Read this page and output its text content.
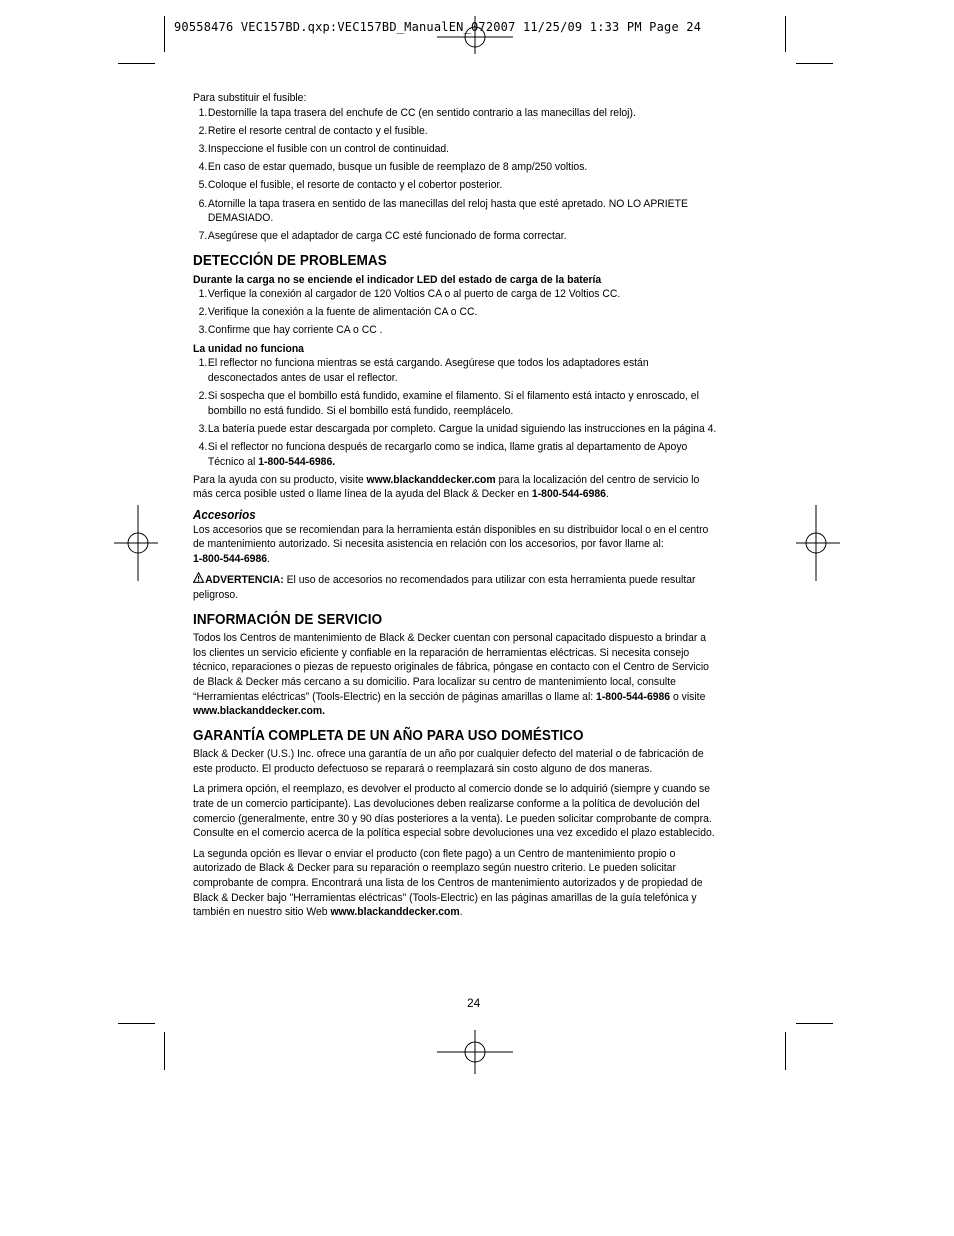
90558476 VEC157BD.qxp:VEC157BD_ManualEN_072007 11/25/09 1:33 PM Page 24

Para substituir el fusible:

1. Destornille la tapa trasera del enchufe de CC (en sentido contrario a las manecillas del reloj).
2. Retire el resorte central de contacto y el fusible.
3. Inspeccione el fusible con un control de continuidad.
4. En caso de estar quemado, busque un fusible de reemplazo de 8 amp/250 voltios.
5. Coloque el fusible, el resorte de contacto y el cobertor posterior.
6. Atornille la tapa trasera en sentido de las manecillas del reloj hasta que esté apretado. NO LO APRIETE DEMASIADO.
7. Asegúrese que el adaptador de carga CC esté funcionado de forma correctar.
DETECCIÓN DE PROBLEMAS

Durante la carga no se enciende el indicador LED del estado de carga de la batería

1. Verfique la conexión al cargador de 120 Voltios CA o al puerto de carga de 12 Voltios CC.
2. Verifique la conexión a la fuente de alimentación CA o CC.
3. Confirme que hay corriente CA o CC .

La unidad no funciona

1. El reflector no funciona mientras se está cargando. Asegúrese que todos los adaptadores están desconectados antes de usar el reflector.
2. Si sospecha que el bombillo está fundido, examine el filamento. Si el filamento está intacto y enroscado, el bombillo no está fundido. Si el bombillo está fundido, reemplácelo.
3. La batería puede estar descargada por completo. Cargue la unidad siguiendo las instrucciones en la página 4.
4. Si el reflector no funciona después de recargarlo como se indica, llame gratis al departamento de Apoyo Técnico al 1-800-544-6986.

Para la ayuda con su producto, visite www.blackanddecker.com para la localización del centro de servicio lo más cerca posible usted o llame línea de la ayuda del Black & Decker en 1-800-544-6986.

Accesorios

Los accesorios que se recomiendan para la herramienta están disponibles en su distribuidor local o en el centro de mantenimiento autorizado. Si necesita asistencia en relación con los accesorios, por favor llame al:

1-800-544-6986.

ADVERTENCIA: El uso de accesorios no recomendados para utilizar con esta herramienta puede resultar peligroso.

INFORMACIÓN DE SERVICIO

Todos los Centros de mantenimiento de Black & Decker cuentan con personal capacitado dispuesto a brindar a los clientes un servicio eficiente y confiable en la reparación de herramientas eléctricas. Si necesita consejo técnico, reparaciones o piezas de repuesto originales de fábrica, póngase en contacto con el Centro de Servicio de Black & Decker más cercano a su domicilio. Para localizar su centro de mantenimiento local, consulte “Herramientas eléctricas” (Tools-Electric) en la sección de páginas amarillas o llame al: 1-800-544-6986 o visite www.blackanddecker.com.

GARANTÍA COMPLETA DE UN AÑO PARA USO DOMÉSTICO

Black & Decker (U.S.) Inc. ofrece una garantía de un año por cualquier defecto del material o de fabricación de este producto. El producto defectuoso se reparará o reemplazará sin costo alguno de dos maneras.

La primera opción, el reemplazo, es devolver el producto al comercio donde se lo adquirió (siempre y cuando se trate de un comercio participante). Las devoluciones deben realizarse conforme a la política de devolución del comercio (generalmente, entre 30 y 90 días posteriores a la venta). Le pueden solicitar comprobante de compra. Consulte en el comercio acerca de la política especial sobre devoluciones una vez excedido el plazo establecido.

La segunda opción es llevar o enviar el producto (con flete pago) a un Centro de mantenimiento propio o autorizado de Black & Decker para su reparación o reemplazo según nuestro criterio. Le pueden solicitar comprobante de compra. Encontrará una lista de los Centros de mantenimiento autorizados y de propiedad de Black & Decker bajo "Herramientas eléctricas" (Tools-Electric) en las páginas amarillas de la guía telefónica y también en nuestro sitio Web www.blackanddecker.com.

24
